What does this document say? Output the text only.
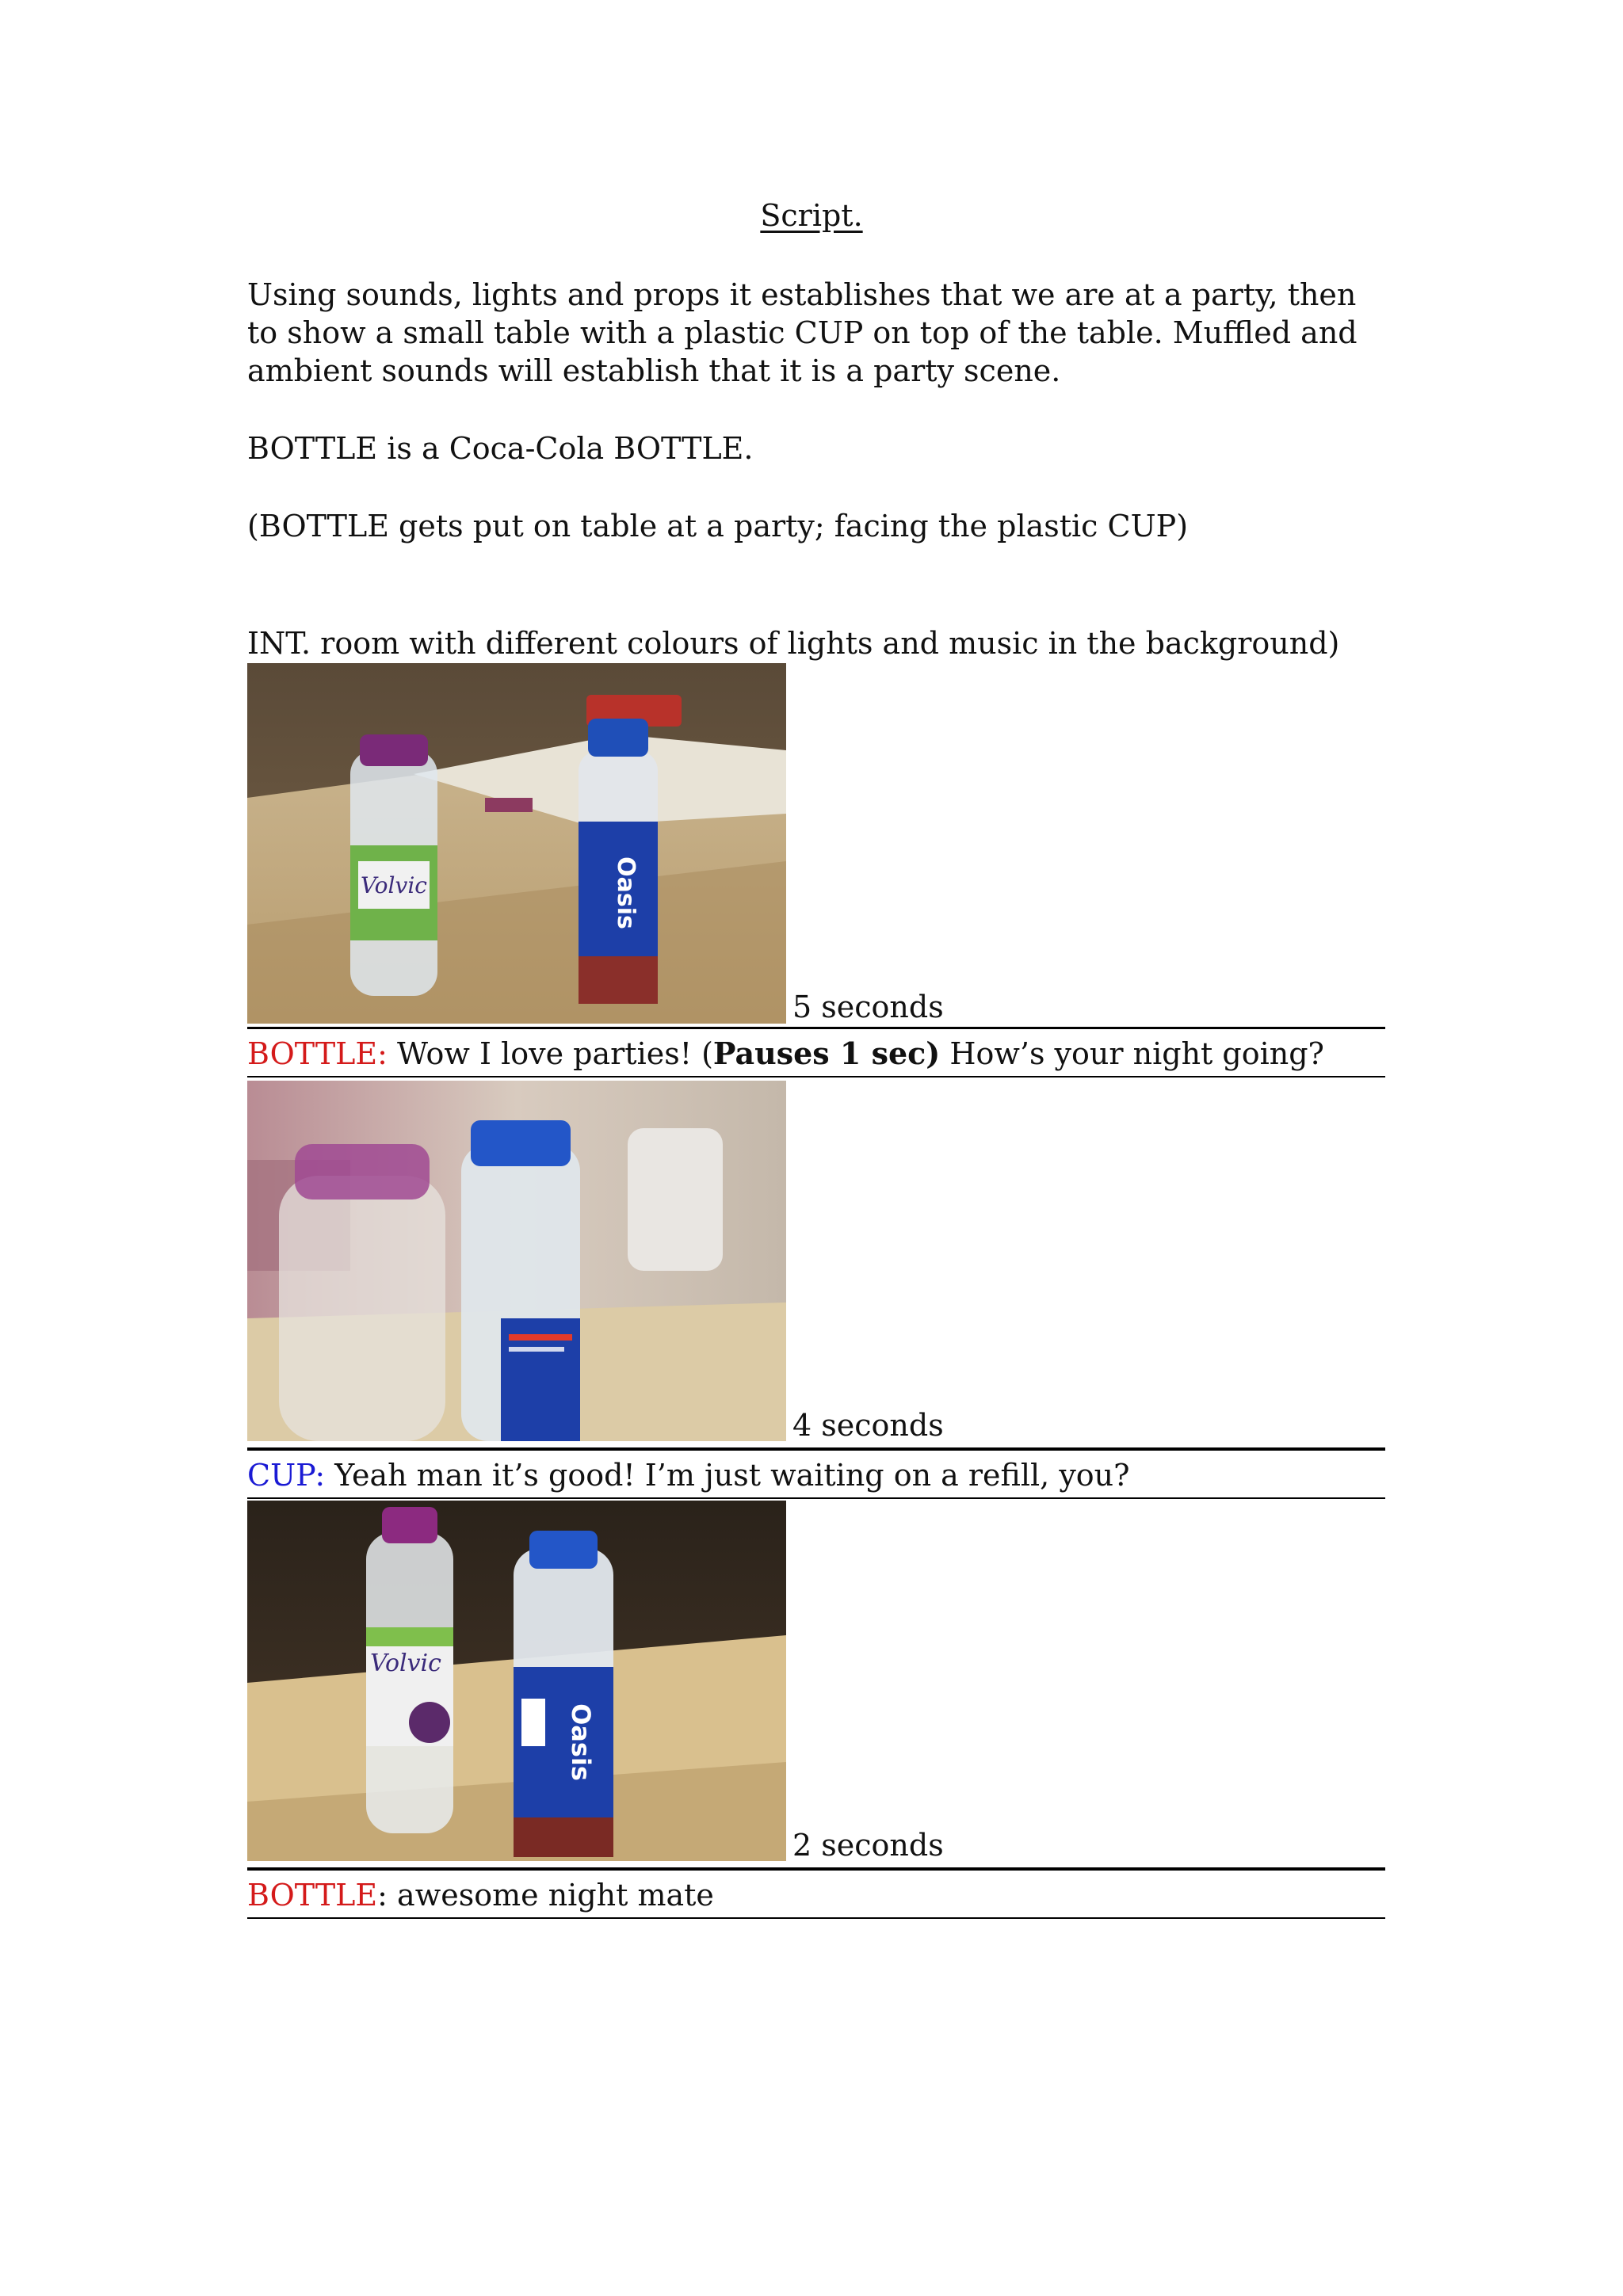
Script.

Using sounds, lights and props it establishes that we are at a party, then to show a small table with a plastic CUP on top of the table. Muffled and ambient sounds will establish that it is a party scene.

BOTTLE is a Coca-Cola BOTTLE.

(BOTTLE gets put on table at a party; facing the plastic CUP)

INT. room with different colours of lights and music in the background)

Volvic	Oasis
5 seconds
BOTTLE: Wow I love parties! (Pauses 1 sec) How’s your night going?
4 seconds
CUP: Yeah man it’s good! I’m just waiting on a refill, you?
Volvic
Oasis
2 seconds
BOTTLE: awesome night mate
